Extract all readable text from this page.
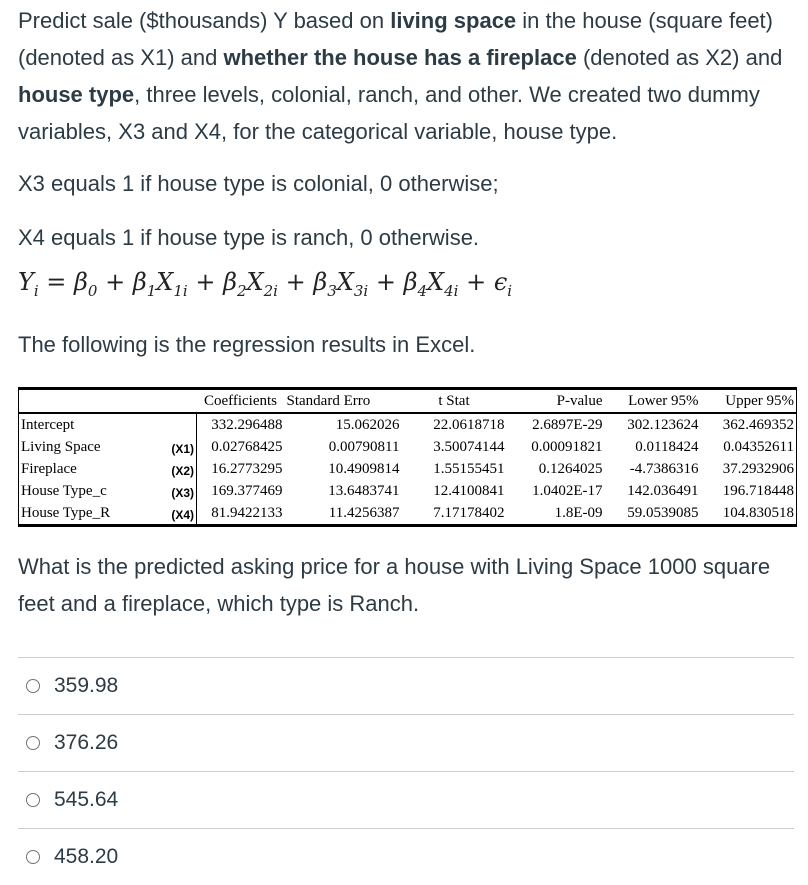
Predict sale ($thousands) Y based on living space in the house (square feet) (denoted as X1) and whether the house has a fireplace (denoted as X2) and house type, three levels, colonial, ranch, and other. We created two dummy variables, X3 and X4, for the categorical variable, house type.

X3 equals 1 if house type is colonial, 0 otherwise;

X4 equals 1 if house type is ranch, 0 otherwise.

$Y_i = \beta_0 + \beta_1X_{1i} + \beta_2X_{2i} + \beta_3X_{3i} + \beta_4X_{4i} + \epsilon_i$

The following is the regression results in Excel.

	Coefficients	Standard Erro	t Stat	P-value	Lower 95%	Upper 95%
Intercept	332.296488	15.062026	22.0618718	2.6897E-29	302.123624	362.469352
Living Space (X1)	0.02768425	0.00790811	3.50074144	0.00091821	0.0118424	0.04352611
Fireplace (X2)	16.2773295	10.4909814	1.55155451	0.1264025	-4.7386316	37.2932906
House Type_c (X3)	169.377469	13.6483741	12.4100841	1.0402E-17	142.036491	196.718448
House Type_R (X4)	81.9422133	11.4256387	7.17178402	1.8E-09	59.0539085	104.830518

What is the predicted asking price for a house with Living Space 1000 square feet and a fireplace, which type is Ranch.

359.98
376.26
545.64
458.20
